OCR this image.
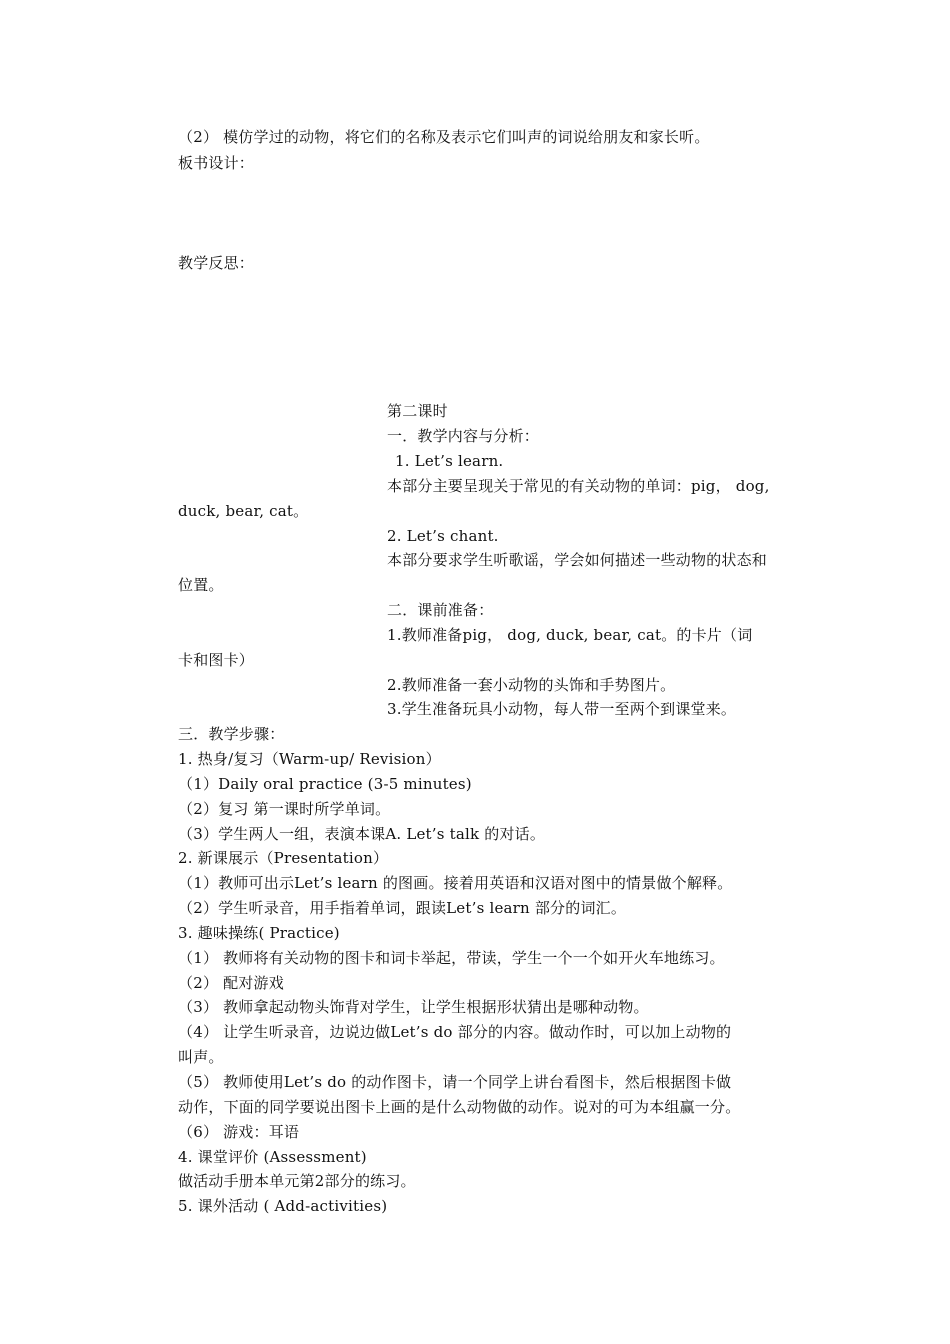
（2） 模仿学过的动物，将它们的名称及表示它们叫声的词说给朋友和家长听。
板书设计：
教学反思：
第二课时
一．教学内容与分析：
1. Let’s learn.
本部分主要呈现关于常见的有关动物的单词：pig， dog,
duck, bear, cat。
2. Let’s chant.
本部分要求学生听歌谣，学会如何描述一些动物的状态和
位置。
二．课前准备：
1.教师准备pig， dog, duck, bear, cat。的卡片（词
卡和图卡）
2.教师准备一套小动物的头饰和手势图片。
3.学生准备玩具小动物，每人带一至两个到课堂来。
三．教学步骤：
1. 热身/复习（Warm-up/ Revision）
（1）Daily oral practice (3-5 minutes)
（2）复习 第一课时所学单词。
（3）学生两人一组，表演本课A. Let’s talk 的对话。
2. 新课展示（Presentation）
（1）教师可出示Let’s learn 的图画。接着用英语和汉语对图中的情景做个解释。
（2）学生听录音，用手指着单词，跟读Let’s learn 部分的词汇。
3. 趣味操练( Practice)
（1） 教师将有关动物的图卡和词卡举起，带读，学生一个一个如开火车地练习。
（2） 配对游戏
（3） 教师拿起动物头饰背对学生，让学生根据形状猜出是哪种动物。
（4） 让学生听录音，边说边做Let’s do 部分的内容。做动作时，可以加上动物的
叫声。
（5） 教师使用Let’s do 的动作图卡，请一个同学上讲台看图卡，然后根据图卡做
动作，下面的同学要说出图卡上画的是什么动物做的动作。说对的可为本组赢一分。
（6） 游戏：耳语
4. 课堂评价 (Assessment)
做活动手册本单元第2部分的练习。
5. 课外活动 ( Add-activities)
